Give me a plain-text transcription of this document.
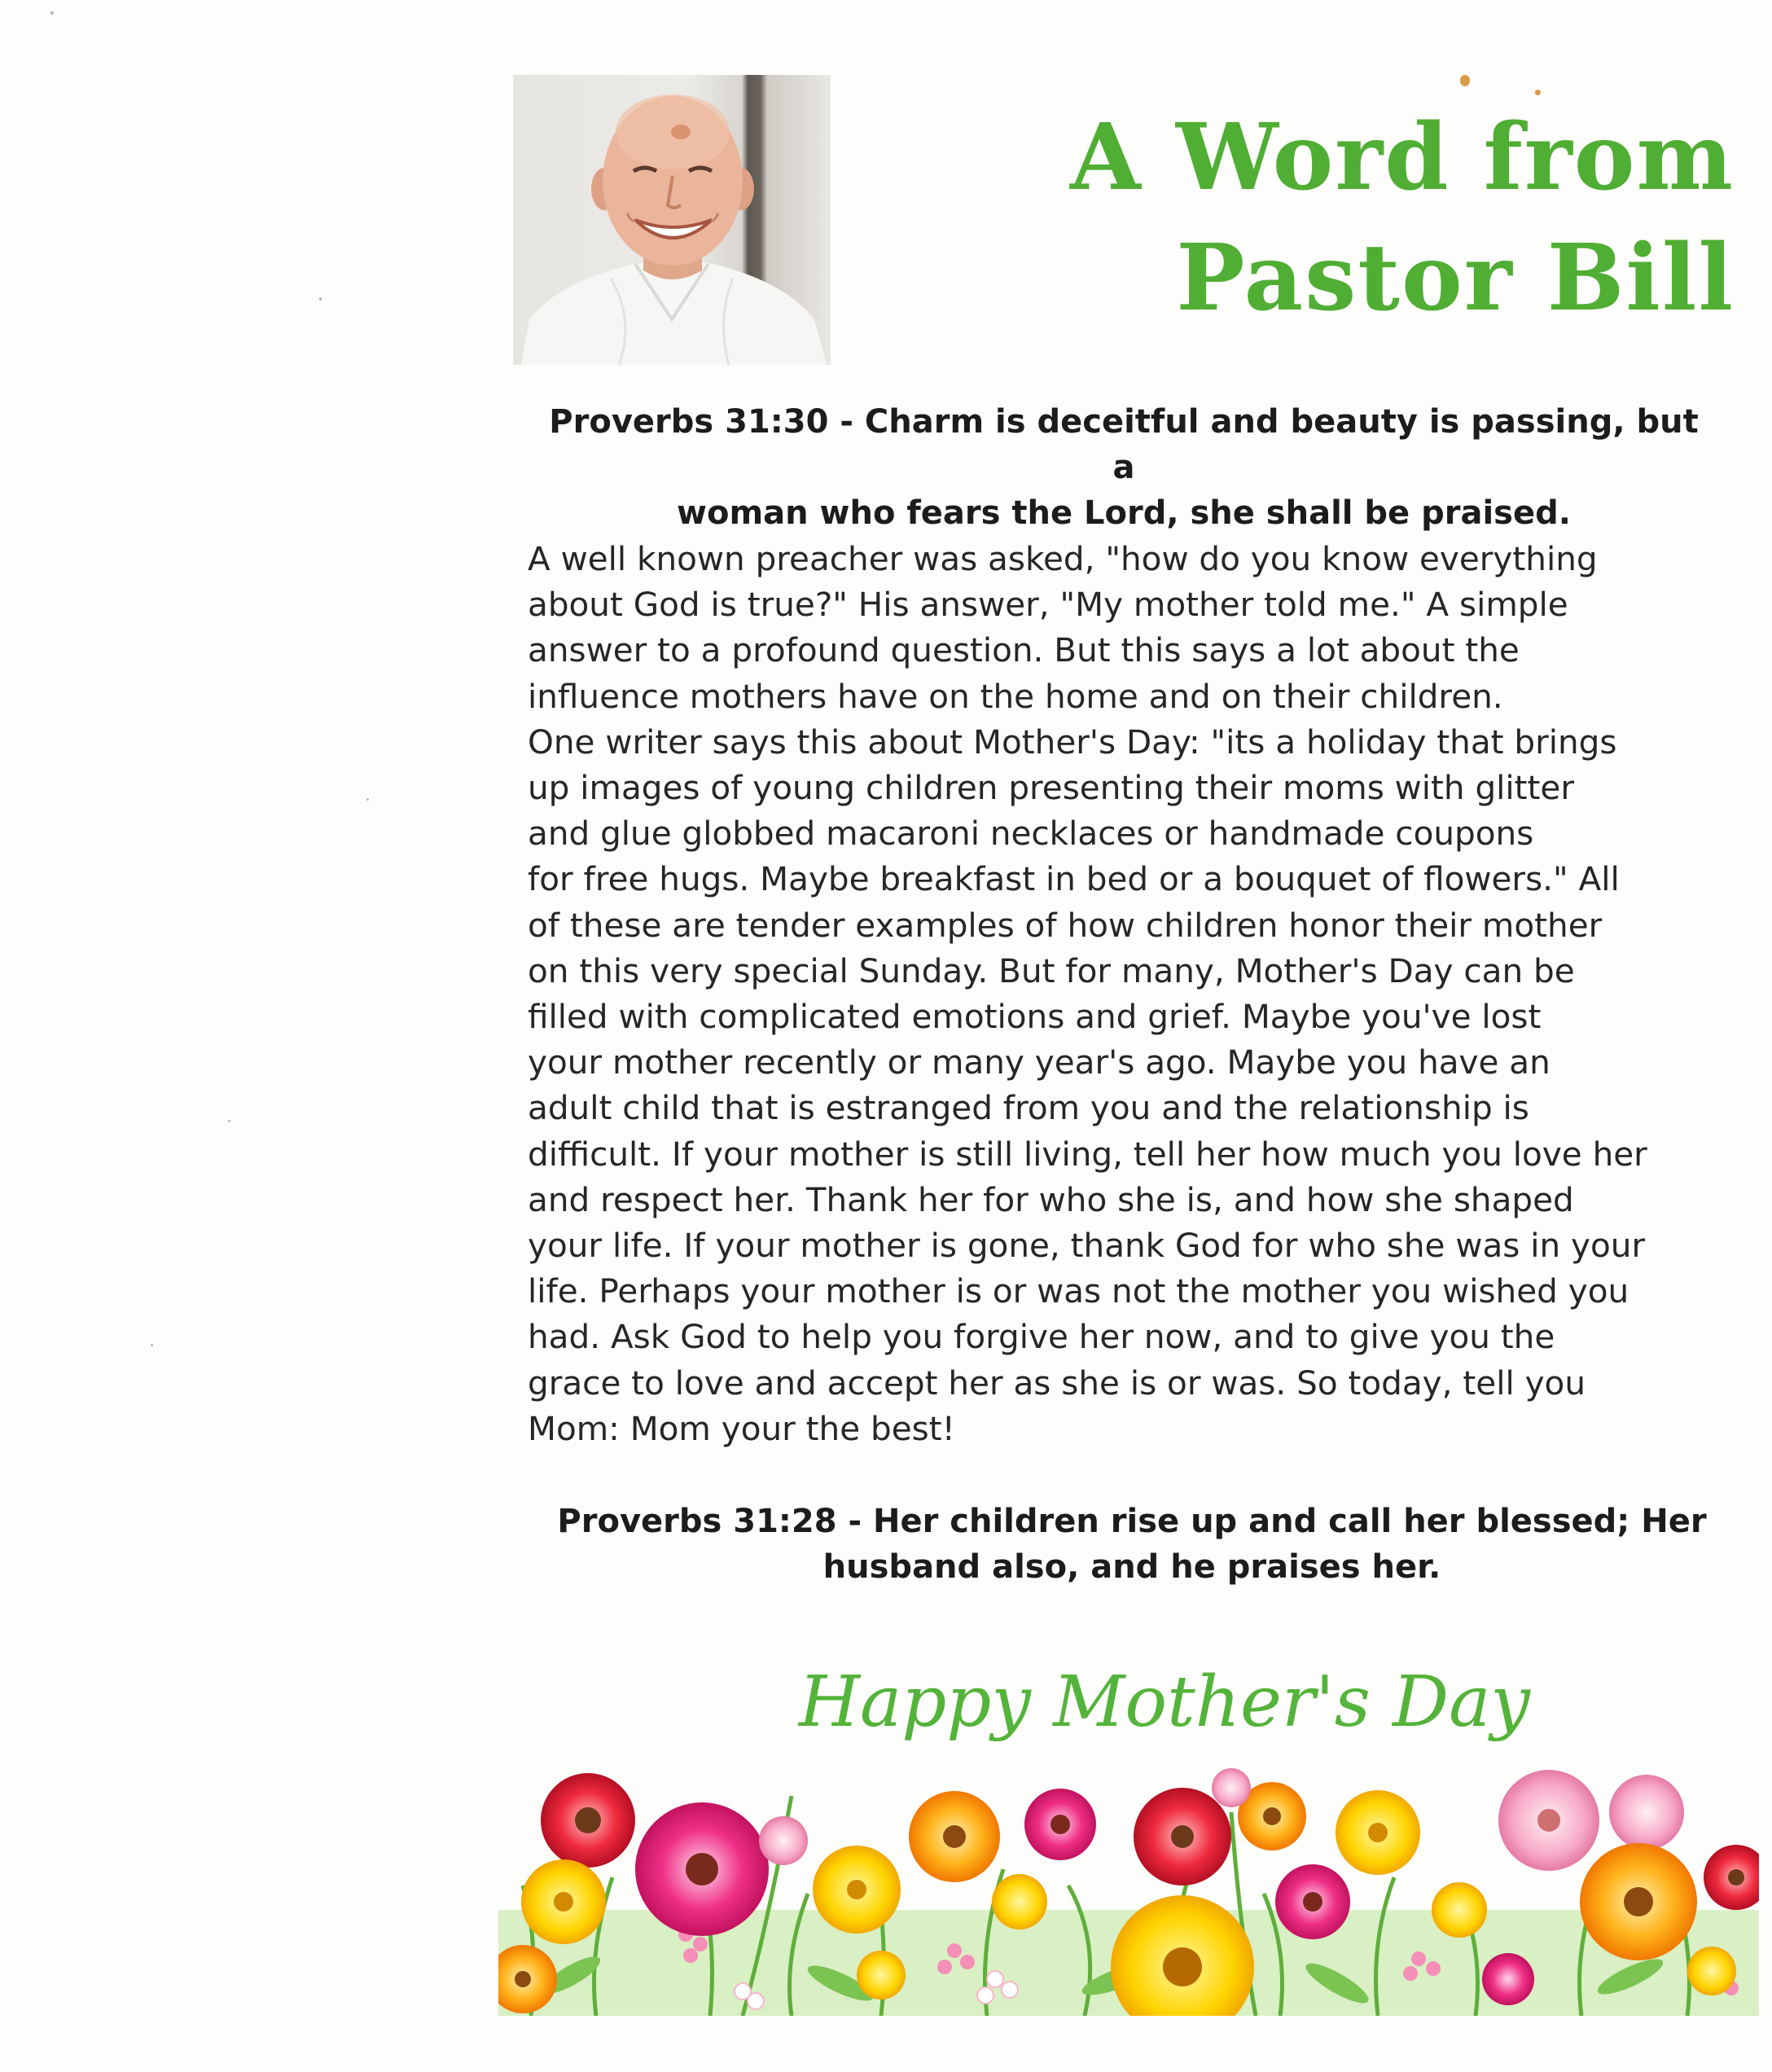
A Word from
Pastor Bill
Proverbs 31:30 - Charm is deceitful and beauty is passing, but a
woman who fears the Lord, she shall be praised.
A well known preacher was asked, "how do you know everything
about God is true?" His answer, "My mother told me." A simple
answer to a profound question. But this says a lot about the
influence mothers have on the home and on their children.
One writer says this about Mother's Day: "its a holiday that brings
up images of young children presenting their moms with glitter
and glue globbed macaroni necklaces or handmade coupons
for free hugs. Maybe breakfast in bed or a bouquet of flowers." All
of these are tender examples of how children honor their mother
on this very special Sunday. But for many, Mother's Day can be
filled with complicated emotions and grief. Maybe you've lost
your mother recently or many year's ago. Maybe you have an
adult child that is estranged from you and the relationship is
difficult. If your mother is still living, tell her how much you love her
and respect her. Thank her for who she is, and how she shaped
your life. If your mother is gone, thank God for who she was in your
life. Perhaps your mother is or was not the mother you wished you
had. Ask God to help you forgive her now, and to give you the
grace to love and accept her as she is or was. So today, tell you
Mom: Mom your the best!
Proverbs 31:28 - Her children rise up and call her blessed; Her
husband also, and he praises her.
Happy Mother's Day
